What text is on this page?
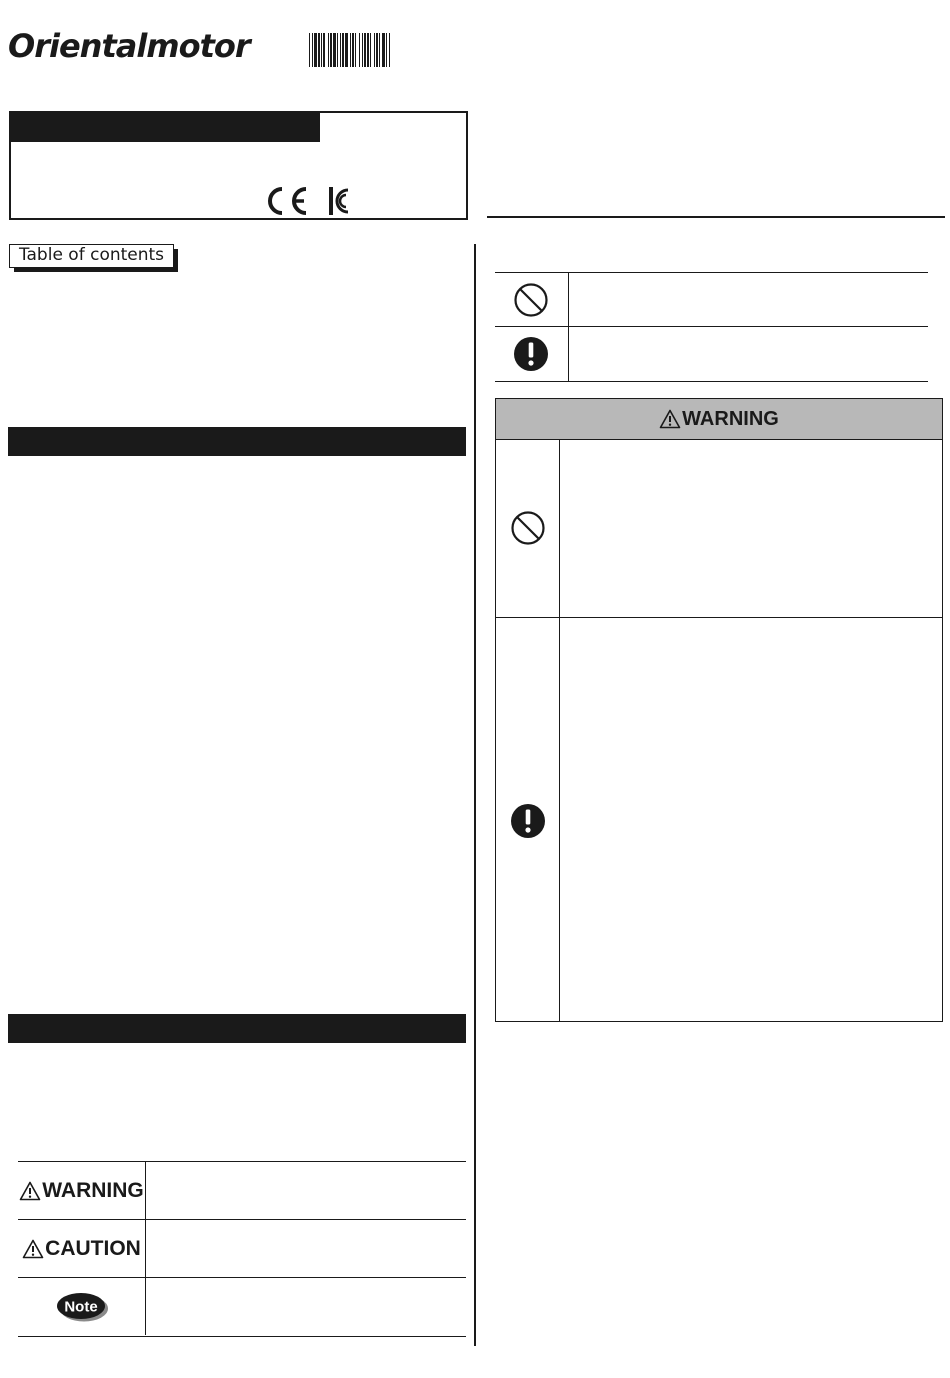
Orientalmotor
Table of contents
WARNING
CAUTION
Note
WARNING
